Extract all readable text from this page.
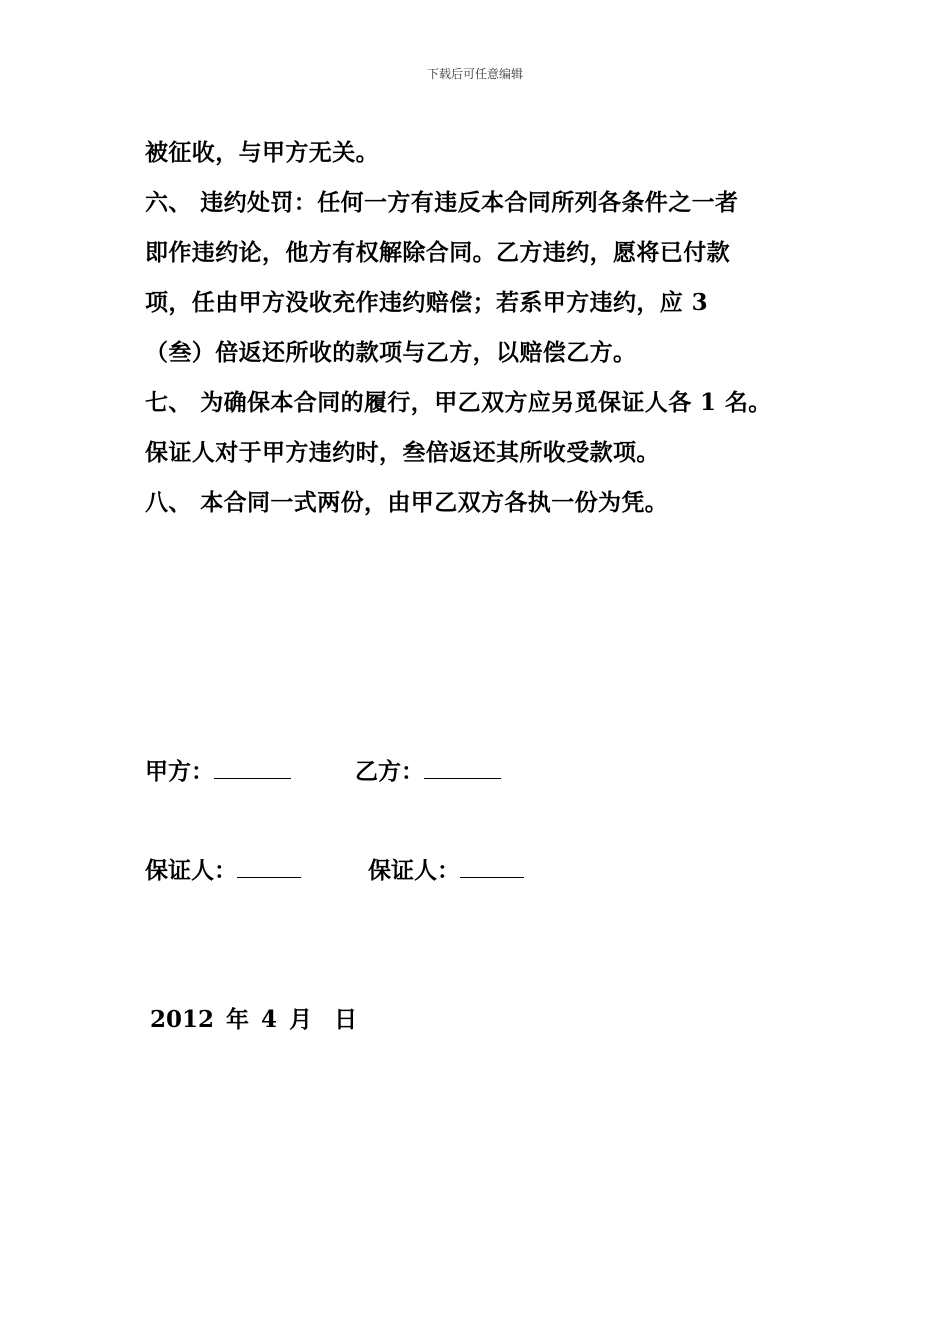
下载后可任意编辑

被征收，与甲方无关。

六、 违约处罚：任何一方有违反本合同所列各条件之一者

即作违约论，他方有权解除合同。乙方违约，愿将已付款

项，任由甲方没收充作违约赔偿；若系甲方违约，应 3

（叁）倍返还所收的款项与乙方，以赔偿乙方。

七、 为确保本合同的履行，甲乙双方应另觅保证人各 1 名。

保证人对于甲方违约时，叁倍返还其所收受款项。

八、 本合同一式两份，由甲乙双方各执一份为凭。

甲方：	乙方：
保证人：	保证人：
2012 年 4 月 日
